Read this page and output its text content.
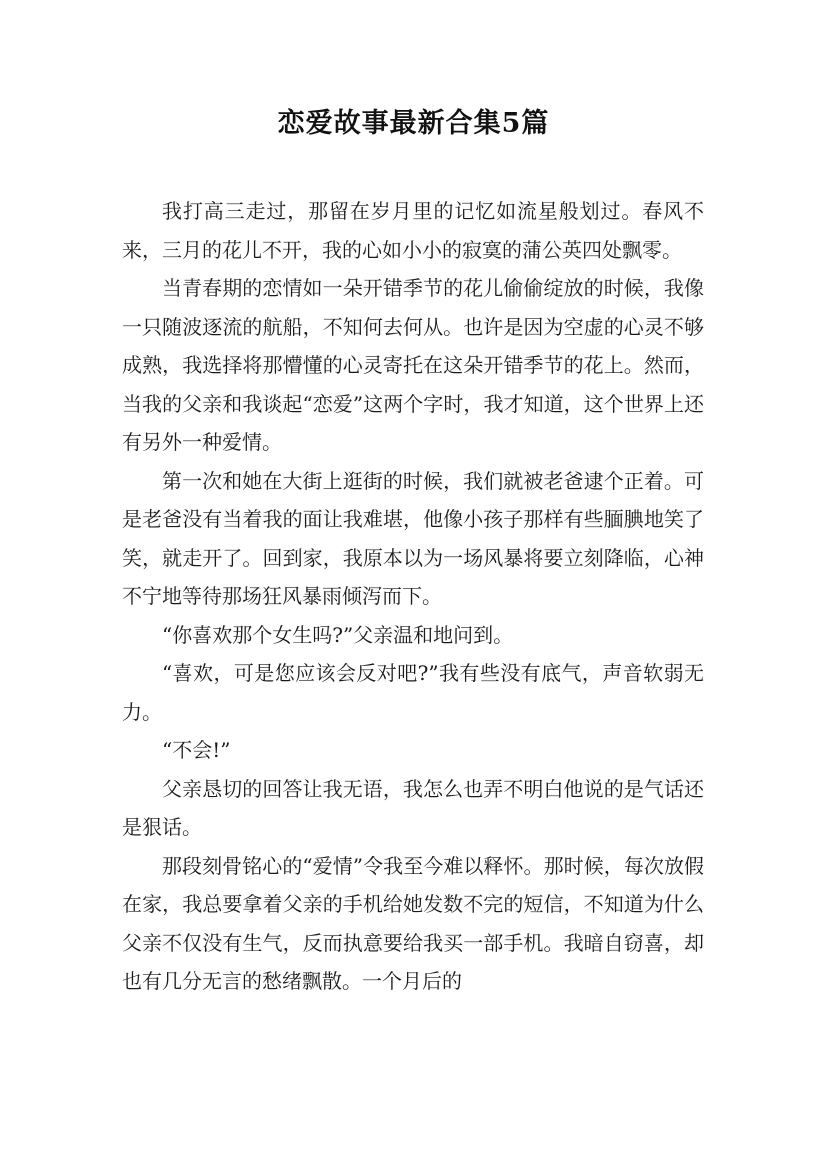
恋爱故事最新合集5篇

我打高三走过，那留在岁月里的记忆如流星般划过。春风不来，三月的花儿不开，我的心如小小的寂寞的蒲公英四处飘零。

当青春期的恋情如一朵开错季节的花儿偷偷绽放的时候，我像一只随波逐流的航船，不知何去何从。也许是因为空虚的心灵不够成熟，我选择将那懵懂的心灵寄托在这朵开错季节的花上。然而，当我的父亲和我谈起“恋爱”这两个字时，我才知道，这个世界上还有另外一种爱情。

第一次和她在大街上逛街的时候，我们就被老爸逮个正着。可是老爸没有当着我的面让我难堪，他像小孩子那样有些腼腆地笑了笑，就走开了。回到家，我原本以为一场风暴将要立刻降临，心神不宁地等待那场狂风暴雨倾泻而下。

“你喜欢那个女生吗?”父亲温和地问到。

“喜欢，可是您应该会反对吧?”我有些没有底气，声音软弱无力。

“不会!”

父亲恳切的回答让我无语，我怎么也弄不明白他说的是气话还是狠话。

那段刻骨铭心的“爱情”令我至今难以释怀。那时候，每次放假在家，我总要拿着父亲的手机给她发数不完的短信，不知道为什么父亲不仅没有生气，反而执意要给我买一部手机。我暗自窃喜，却也有几分无言的愁绪飘散。一个月后的
